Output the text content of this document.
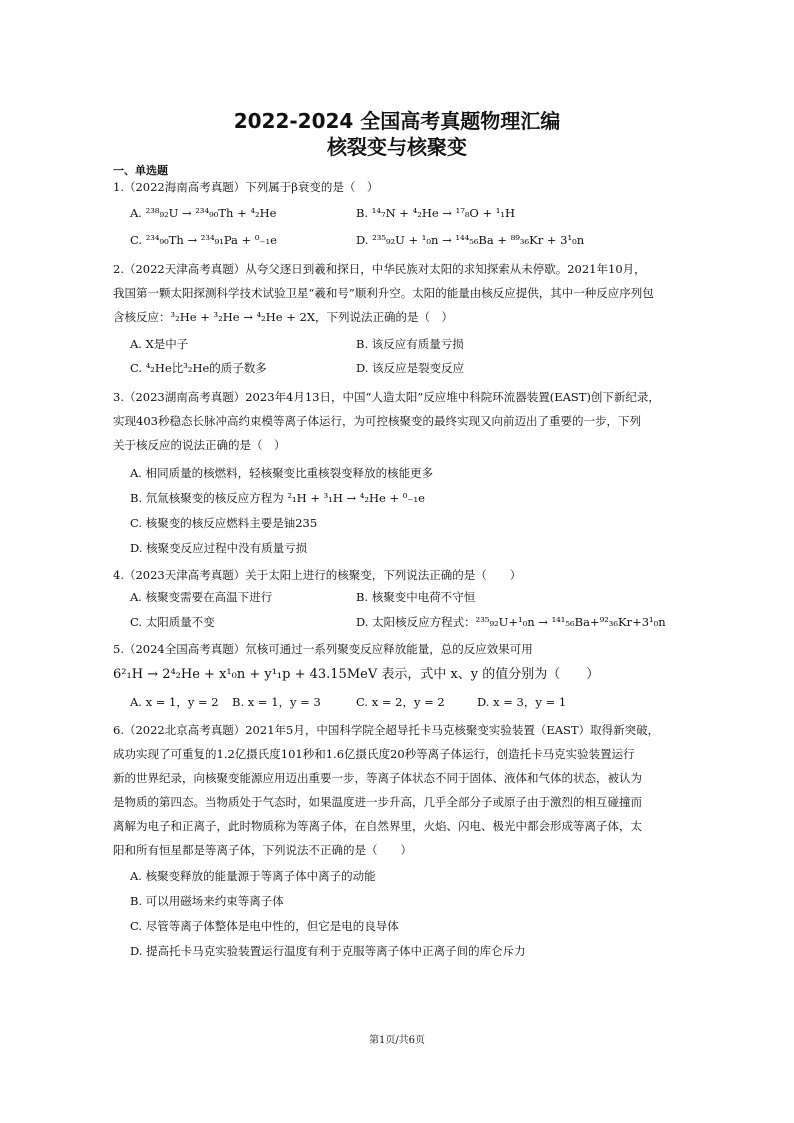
2022-2024 全国高考真题物理汇编
核裂变与核聚变
一、单选题
1.（2022海南高考真题）下列属于β衰变的是（　）
A. ²³⁸₉₂U → ²³⁴₉₀Th + ⁴₂He	B. ¹⁴₇N + ⁴₂He → ¹⁷₈O + ¹₁H
C. ²³⁴₉₀Th → ²³⁴₉₁Pa + ⁰₋₁e	D. ²³⁵₉₂U + ¹₀n → ¹⁴⁴₅₆Ba + ⁸⁹₃₆Kr + 3¹₀n
2.（2022天津高考真题）从夸父逐日到羲和探日，中华民族对太阳的求知探索从未停歇。2021年10月，
我国第一颗太阳探测科学技术试验卫星“羲和号”顺利升空。太阳的能量由核反应提供，其中一种反应序列包
含核反应：³₂He + ³₂He → ⁴₂He + 2X，下列说法正确的是（　）
A. X是中子	B. 该反应有质量亏损
C. ⁴₂He比³₂He的质子数多	D. 该反应是裂变反应
3.（2023湖南高考真题）2023年4月13日，中国“人造太阳”反应堆中科院环流器装置(EAST)创下新纪录，
实现403秒稳态长脉冲高约束模等离子体运行，为可控核聚变的最终实现又向前迈出了重要的一步，下列
关于核反应的说法正确的是（　）
A. 相同质量的核燃料，轻核聚变比重核裂变释放的核能更多
B. 氘氚核聚变的核反应方程为 ²₁H + ³₁H → ⁴₂He + ⁰₋₁e
C. 核聚变的核反应燃料主要是铀235
D. 核聚变反应过程中没有质量亏损
4.（2023天津高考真题）关于太阳上进行的核聚变，下列说法正确的是（　　）
A. 核聚变需要在高温下进行	B. 核聚变中电荷不守恒
C. 太阳质量不变	D. 太阳核反应方程式：²³⁵₉₂U+¹₀n → ¹⁴¹₅₆Ba+⁹²₃₆Kr+3¹₀n
5.（2024全国高考真题）氘核可通过一系列聚变反应释放能量，总的反应效果可用
6²₁H → 2⁴₂He + x¹₀n + y¹₁p + 43.15MeV 表示，式中 x、y 的值分别为（　　）
A. x = 1，y = 2 B. x = 1，y = 3	C. x = 2，y = 2	D. x = 3，y = 1
6.（2022北京高考真题）2021年5月，中国科学院全超导托卡马克核聚变实验装置（EAST）取得新突破，
成功实现了可重复的1.2亿摄氏度101秒和1.6亿摄氏度20秒等离子体运行，创造托卡马克实验装置运行
新的世界纪录，向核聚变能源应用迈出重要一步，等离子体状态不同于固体、液体和气体的状态，被认为
是物质的第四态。当物质处于气态时，如果温度进一步升高，几乎全部分子或原子由于激烈的相互碰撞而
离解为电子和正离子，此时物质称为等离子体，在自然界里，火焰、闪电、极光中都会形成等离子体，太
阳和所有恒星都是等离子体，下列说法不正确的是（　　）
A. 核聚变释放的能量源于等离子体中离子的动能
B. 可以用磁场来约束等离子体
C. 尽管等离子体整体是电中性的，但它是电的良导体
D. 提高托卡马克实验装置运行温度有利于克服等离子体中正离子间的库仑斥力
第1页/共6页
